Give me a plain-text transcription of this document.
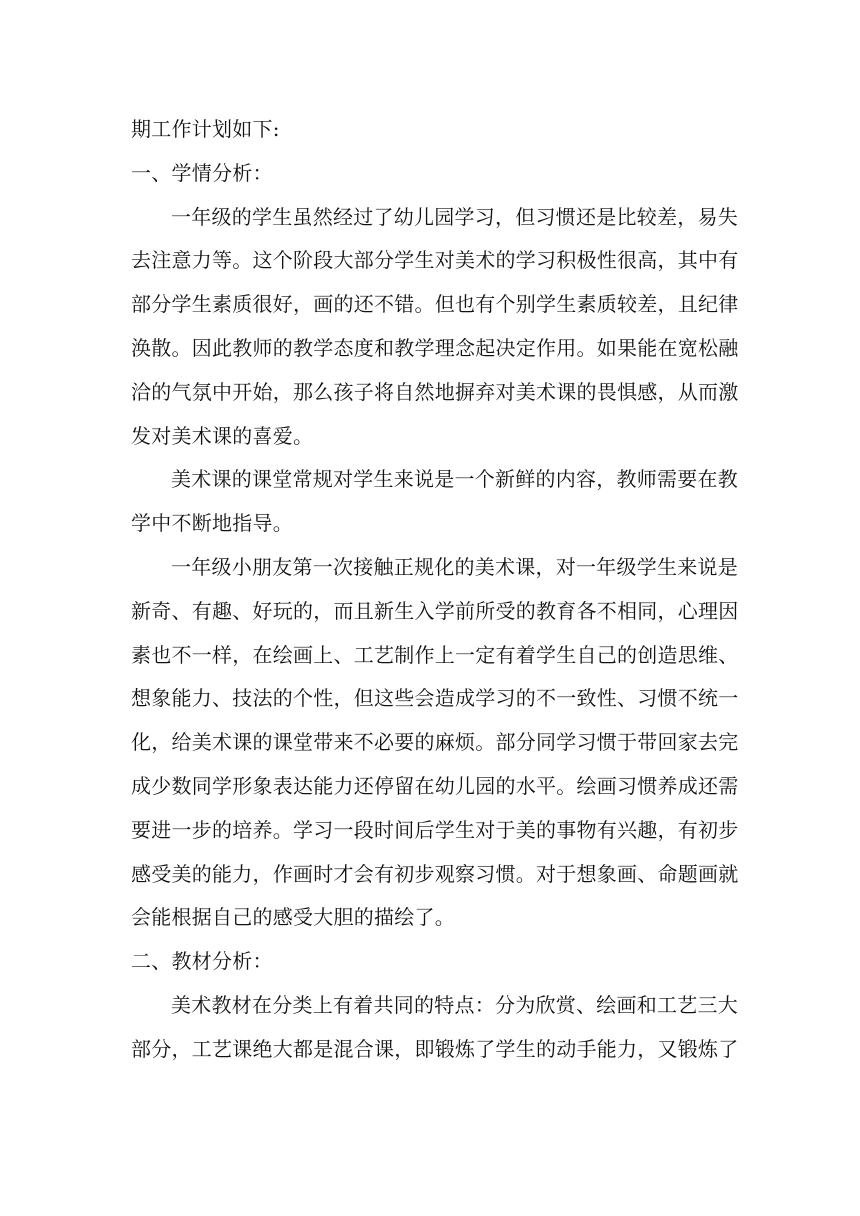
期工作计划如下:

一、学情分析：

一年级的学生虽然经过了幼儿园学习，但习惯还是比较差，易失

去注意力等。这个阶段大部分学生对美术的学习积极性很高，其中有

部分学生素质很好，画的还不错。但也有个别学生素质较差，且纪律

涣散。因此教师的教学态度和教学理念起决定作用。如果能在宽松融

洽的气氛中开始，那么孩子将自然地摒弃对美术课的畏惧感，从而激

发对美术课的喜爱。

美术课的课堂常规对学生来说是一个新鲜的内容，教师需要在教

学中不断地指导。

一年级小朋友第一次接触正规化的美术课，对一年级学生来说是

新奇、有趣、好玩的，而且新生入学前所受的教育各不相同，心理因

素也不一样，在绘画上、工艺制作上一定有着学生自己的创造思维、

想象能力、技法的个性，但这些会造成学习的不一致性、习惯不统一

化，给美术课的课堂带来不必要的麻烦。部分同学习惯于带回家去完

成少数同学形象表达能力还停留在幼儿园的水平。绘画习惯养成还需

要进一步的培养。学习一段时间后学生对于美的事物有兴趣，有初步

感受美的能力，作画时才会有初步观察习惯。对于想象画、命题画就

会能根据自己的感受大胆的描绘了。

二、教材分析：

美术教材在分类上有着共同的特点：分为欣赏、绘画和工艺三大

部分，工艺课绝大都是混合课，即锻炼了学生的动手能力，又锻炼了
